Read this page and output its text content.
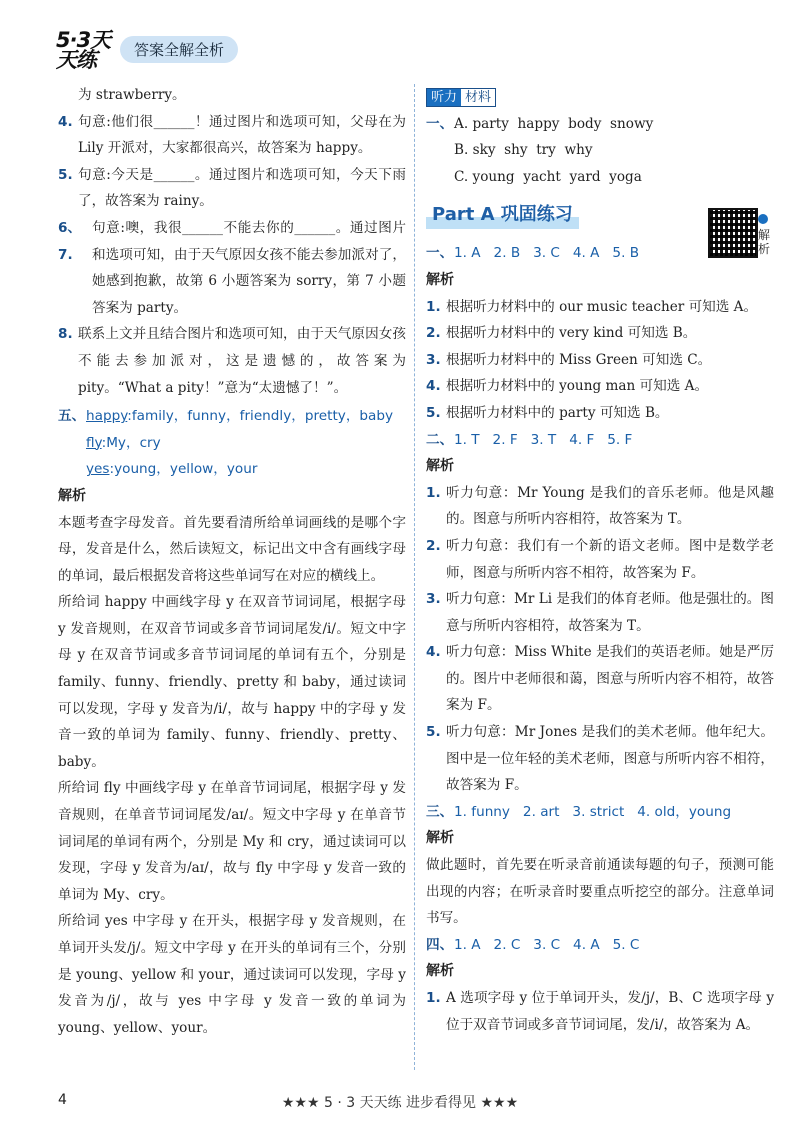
5·3天天练	答案全解全析

为 strawberry。

4. 句意:他们很______！通过图片和选项可知，父母在为 Lily 开派对，大家都很高兴，故答案为 happy。
5. 句意:今天是______。通过图片和选项可知，今天下雨了，故答案为 rainy。
6、7.
句意:噢，我很______不能去你的______。通过图片和选项可知，由于天气原因女孩不能去参加派对了，她感到抱歉，故第 6 小题答案为 sorry，第 7 小题答案为 party。
8. 联系上文并且结合图片和选项可知，由于天气原因女孩不能去参加派对，这是遗憾的，故答案为 pity。“What a pity！”意为“太遗憾了！”。
五、 happy:family，funny，friendly，pretty，baby

fly:My，cry

yes:young，yellow，your

解析

本题考查字母发音。首先要看清所给单词画线的是哪个字母，发音是什么，然后读短文，标记出文中含有画线字母的单词，最后根据发音将这些单词写在对应的横线上。

所给词 happy 中画线字母 y 在双音节词词尾，根据字母 y 发音规则，在双音节词或多音节词词尾发/i/。短文中字母 y 在双音节词或多音节词词尾的单词有五个，分别是 family、funny、friendly、pretty 和 baby，通过读词可以发现，字母 y 发音为/i/，故与 happy 中的字母 y 发音一致的单词为 family、funny、friendly、pretty、baby。

所给词 fly 中画线字母 y 在单音节词词尾，根据字母 y 发音规则，在单音节词词尾发/aɪ/。短文中字母 y 在单音节词词尾的单词有两个，分别是 My 和 cry，通过读词可以发现，字母 y 发音为/aɪ/，故与 fly 中字母 y 发音一致的单词为 My、cry。

所给词 yes 中字母 y 在开头，根据字母 y 发音规则，在单词开头发/j/。短文中字母 y 在开头的单词有三个，分别是 young、yellow 和 your，通过读词可以发现，字母 y 发音为/j/，故与 yes 中字母 y 发音一致的单词为 young、yellow、your。

听力 材料
一、 A. party  happy  body  snowy

B. sky  shy  try  why

C. young  yacht  yard  yoga

Part A 巩固练习
一、 1. A   2. B   3. C   4. A   5. B

解析

1. 根据听力材料中的 our music teacher 可知选 A。
2. 根据听力材料中的 very kind 可知选 B。
3. 根据听力材料中的 Miss Green 可知选 C。
4. 根据听力材料中的 young man 可知选 A。
5. 根据听力材料中的 party 可知选 B。
二、 1. T   2. F   3. T   4. F   5. F

解析

1. 听力句意：Mr Young 是我们的音乐老师。他是风趣的。图意与所听内容相符，故答案为 T。
2. 听力句意：我们有一个新的语文老师。图中是数学老师，图意与所听内容不相符，故答案为 F。
3. 听力句意：Mr Li 是我们的体育老师。他是强壮的。图意与所听内容相符，故答案为 T。
4. 听力句意：Miss White 是我们的英语老师。她是严厉的。图片中老师很和蔼，图意与所听内容不相符，故答案为 F。
5. 听力句意：Mr Jones 是我们的美术老师。他年纪大。图中是一位年轻的美术老师，图意与所听内容不相符，故答案为 F。
三、 1. funny   2. art   3. strict   4. old，young

解析

做此题时，首先要在听录音前通读每题的句子，预测可能出现的内容；在听录音时要重点听挖空的部分。注意单词书写。

四、 1. A   2. C   3. C   4. A   5. C

解析

1. A 选项字母 y 位于单词开头，发/j/，B、C 选项字母 y 位于双音节词或多音节词词尾，发/i/，故答案为 A。
解析
★★★ 5 · 3 天天练 进步看得见 ★★★
4
